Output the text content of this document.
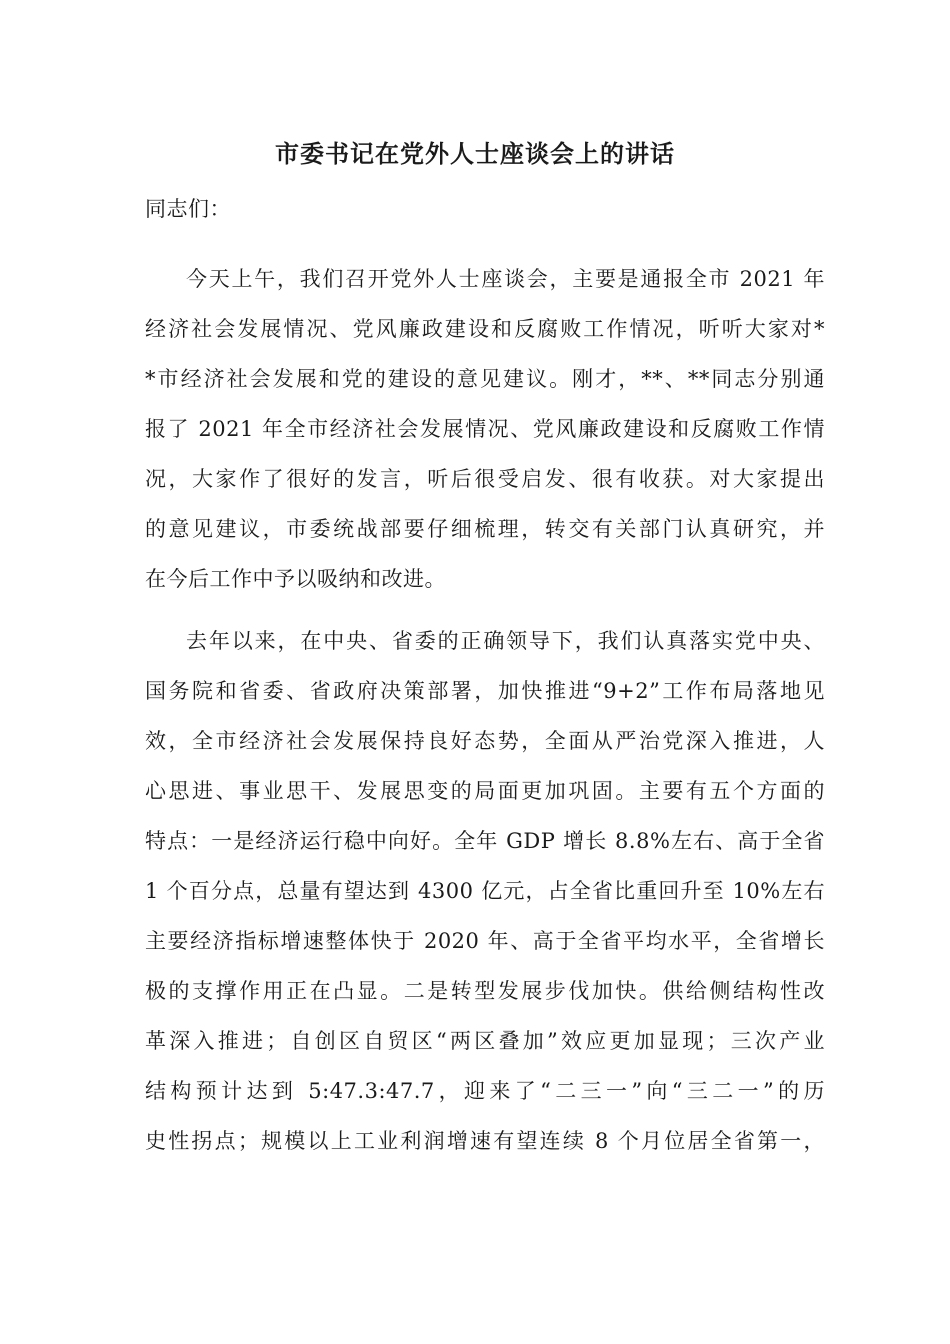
市委书记在党外人士座谈会上的讲话
同志们：
今天上午，我们召开党外人士座谈会，主要是通报全市 2021 年
经济社会发展情况、党风廉政建设和反腐败工作情况，听听大家对*
*市经济社会发展和党的建设的意见建议。刚才，**、**同志分别通
报了 2021 年全市经济社会发展情况、党风廉政建设和反腐败工作情
况，大家作了很好的发言，听后很受启发、很有收获。对大家提出
的意见建议，市委统战部要仔细梳理，转交有关部门认真研究，并
在今后工作中予以吸纳和改进。
去年以来，在中央、省委的正确领导下，我们认真落实党中央、
国务院和省委、省政府决策部署，加快推进“9+2”工作布局落地见
效，全市经济社会发展保持良好态势，全面从严治党深入推进，人
心思进、事业思干、发展思变的局面更加巩固。主要有五个方面的
特点：一是经济运行稳中向好。全年 GDP 增长 8.8%左右、高于全省
1 个百分点，总量有望达到 4300 亿元，占全省比重回升至 10%左右
主要经济指标增速整体快于 2020 年、高于全省平均水平，全省增长
极的支撑作用正在凸显。二是转型发展步伐加快。供给侧结构性改
革深入推进；自创区自贸区“两区叠加”效应更加显现；三次产业
结构预计达到 5:47.3:47.7，迎来了“二三一”向“三二一”的历
史性拐点；规模以上工业利润增速有望连续 8 个月位居全省第一，
